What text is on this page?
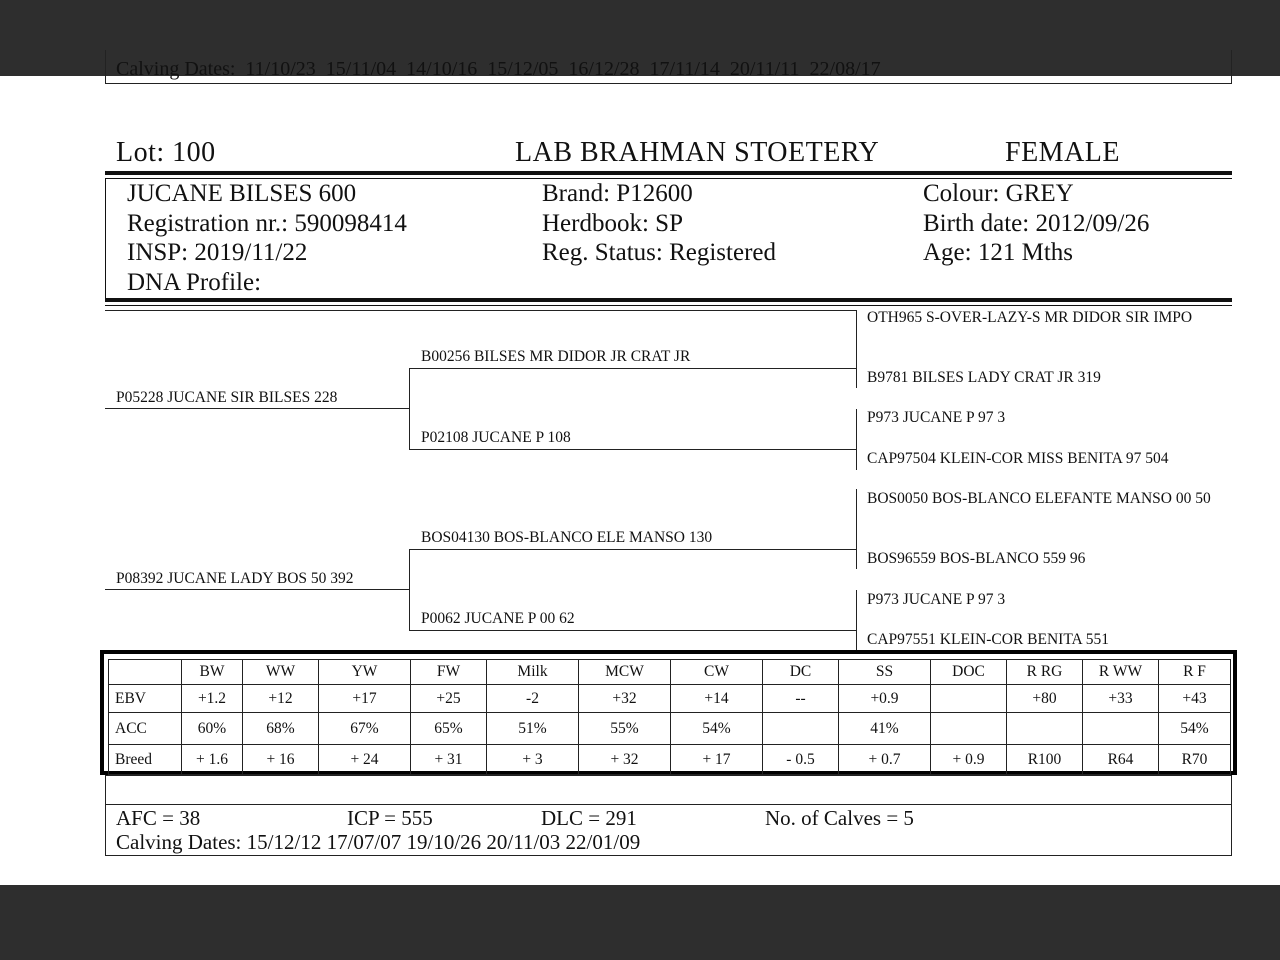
Calving Dates:  11/10/23  15/11/04  14/10/16  15/12/05  16/12/28  17/11/14  20/11/11  22/08/17
Lot: 100	LAB BRAHMAN STOETERY	FEMALE
JUCANE BILSES 600
Registration nr.: 590098414
INSP: 2019/11/22
DNA Profile:
Brand: P12600
Herdbook: SP
Reg. Status: Registered
Colour: GREY
Birth date: 2012/09/26
Age: 121 Mths
P05228 JUCANE SIR BILSES 228
B00256 BILSES MR DIDOR JR CRAT JR
P02108 JUCANE P 108
P08392 JUCANE LADY BOS 50 392
BOS04130 BOS-BLANCO ELE MANSO 130
P0062 JUCANE P 00 62
OTH965 S-OVER-LAZY-S MR DIDOR SIR IMPO
B9781 BILSES LADY CRAT JR 319
P973 JUCANE P 97 3
CAP97504 KLEIN-COR MISS BENITA 97 504
BOS0050 BOS-BLANCO ELEFANTE MANSO 00 50
BOS96559 BOS-BLANCO 559 96
P973 JUCANE P 97 3
CAP97551 KLEIN-COR BENITA 551
	BW	WW	YW	FW	Milk	MCW	CW	DC	SS	DOC	R RG	R WW	R F
EBV	+1.2	+12	+17	+25	-2	+32	+14	--	+0.9		+80	+33	+43
ACC	60%	68%	67%	65%	51%	55%	54%		41%				54%
Breed	+ 1.6	+ 16	+ 24	+ 31	+ 3	+ 32	+ 17	- 0.5	+ 0.7	+ 0.9	R100	R64	R70
AFC = 38	ICP = 555	DLC = 291	No. of Calves = 5
Calving Dates: 15/12/12 17/07/07 19/10/26 20/11/03 22/01/09
